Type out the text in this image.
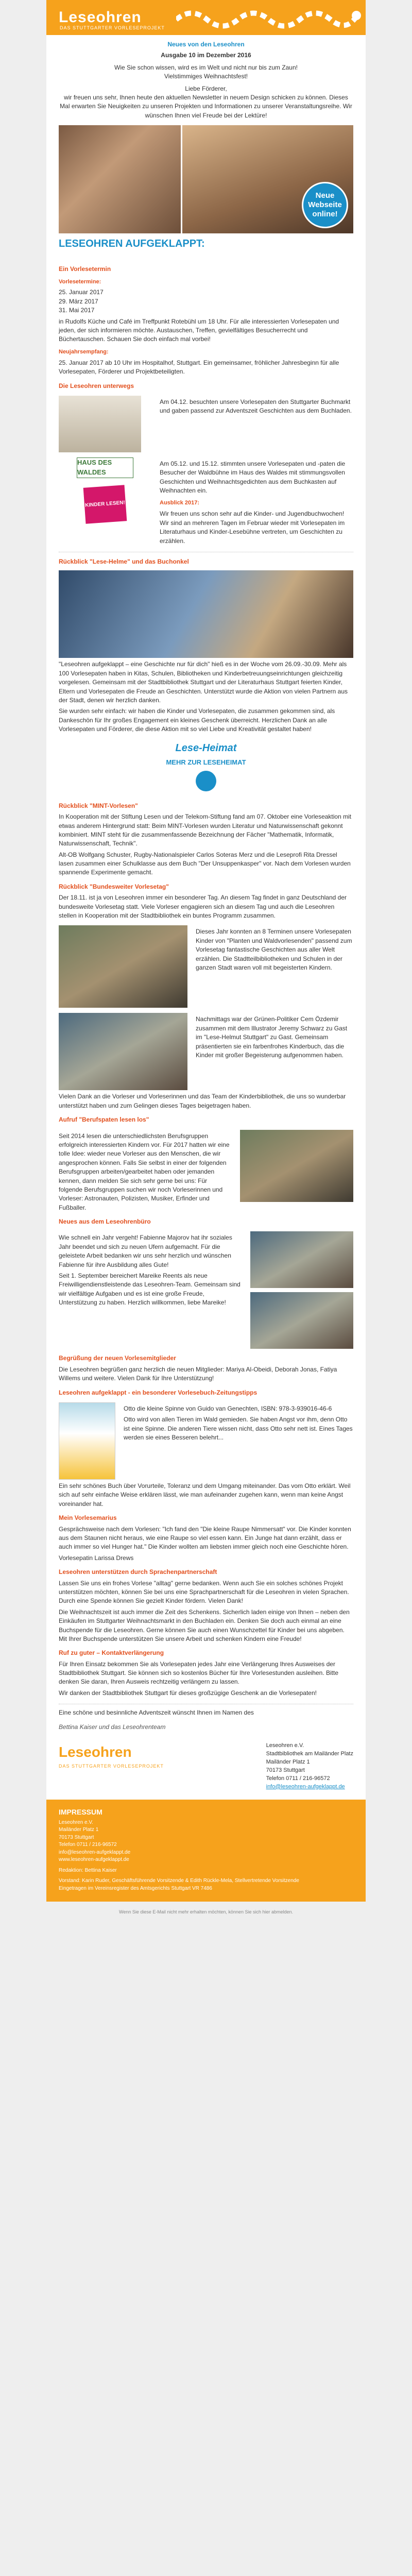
Leseohren
DAS STUTTGARTER VORLESEPROJEKT
Neues von den Leseohren
Ausgabe 10 im Dezember 2016

Wie Sie schon wissen, wird es im Welt und nicht nur bis zum Zaun!

Vielstimmiges Weihnachtsfest!

Liebe Förderer,

wir freuen uns sehr, Ihnen heute den aktuellen Newsletter in neuem Design schicken zu können. Dieses Mal erwarten Sie Neuigkeiten zu unseren Projekten und Informationen zu unserer Veranstaltungsreihe. Wir wünschen Ihnen viel Freude bei der Lektüre!

Neue Webseite online!
LESEOHREN AUFGEKLAPPT:
Ein Vorlesetermin
Vorlesetermine:

25. Januar 2017
29. März 2017
31. Mai 2017

in Rudolfs Küche und Café im Treffpunkt Rotebühl um 18 Uhr. Für alle interessierten Vorlesepaten und jeden, der sich informieren möchte. Austauschen, Treffen, gevielfältiges Besucherrecht und Büchertauschen. Schauen Sie doch einfach mal vorbei!

Neujahrsempfang:

25. Januar 2017 ab 10 Uhr im Hospitalhof, Stuttgart. Ein gemeinsamer, fröhlicher Jahresbeginn für alle Vorlesepaten, Förderer und Projektbeteiligten.

Die Leseohren unterwegs

Am 04.12. besuchten unsere Vorlesepaten den Stuttgarter Buchmarkt und gaben passend zur Adventszeit Geschichten aus dem Buchladen.

HAUS DES WALDES
KINDER LESEN!

Am 05.12. und 15.12. stimmten unsere Vorlesepaten und -paten die Besucher der Waldbühne im Haus des Waldes mit stimmungsvollen Geschichten und Weihnachtsgedichten aus dem Buchkasten auf Weihnachten ein.

Ausblick 2017:

Wir freuen uns schon sehr auf die Kinder- und Jugendbuchwochen! Wir sind an mehreren Tagen im Februar wieder mit Vorlesepaten im Literaturhaus und Kinder-Lesebühne vertreten, um Geschichten zu erzählen.

Rückblick "Lese-Helme" und das Buchonkel

"Leseohren aufgeklappt – eine Geschichte nur für dich" hieß es in der Woche vom 26.09.-30.09. Mehr als 100 Vorlesepaten haben in Kitas, Schulen, Bibliotheken und Kinderbetreuungseinrichtungen gleichzeitig vorgelesen. Gemeinsam mit der Stadtbibliothek Stuttgart und der Literaturhaus Stuttgart feierten Kinder, Eltern und Vorlesepaten die Freude an Geschichten. Unterstützt wurde die Aktion von vielen Partnern aus der Stadt, denen wir herzlich danken.

Sie wurden sehr einfach: wir haben die Kinder und Vorlesepaten, die zusammen gekommen sind, als Dankeschön für Ihr großes Engagement ein kleines Geschenk überreicht. Herzlichen Dank an alle Vorlesepaten und Förderer, die diese Aktion mit so viel Liebe und Kreativität gestaltet haben!

Lese-Heimat
MEHR ZUR LESEHEIMAT
Rückblick "MINT-Vorlesen"

In Kooperation mit der Stiftung Lesen und der Telekom-Stiftung fand am 07. Oktober eine Vorleseaktion mit etwas anderem Hintergrund statt: Beim MINT-Vorlesen wurden Literatur und Naturwissenschaft gekonnt kombiniert. MINT steht für die zusammenfassende Bezeichnung der Fächer "Mathematik, Informatik, Naturwissenschaft, Technik".

Alt-OB Wolfgang Schuster, Rugby-Nationalspieler Carlos Soteras Merz und die Leseprofi Rita Dressel lasen zusammen einer Schulklasse aus dem Buch "Der Unsuppenkasper" vor. Nach dem Vorlesen wurden spannende Experimente gemacht.

Rückblick "Bundesweiter Vorlesetag"

Der 18.11. ist ja von Leseohren immer ein besonderer Tag. An diesem Tag findet in ganz Deutschland der bundesweite Vorlesetag statt. Viele Vorleser engagieren sich an diesem Tag und auch die Leseohren stellen in Kooperation mit der Stadtbibliothek ein buntes Programm zusammen.

Dieses Jahr konnten an 8 Terminen unsere Vorlesepaten Kinder von "Planten und Waldvorlesenden" passend zum Vorlesetag fantastische Geschichten aus aller Welt erzählen. Die Stadtteilbibliotheken und Schulen in der ganzen Stadt waren voll mit begeisterten Kindern.

Nachmittags war der Grünen-Politiker Cem Özdemir zusammen mit dem Illustrator Jeremy Schwarz zu Gast im "Lese-Helmut Stuttgart" zu Gast. Gemeinsam präsentierten sie ein farbenfrohes Kinderbuch, das die Kinder mit großer Begeisterung aufgenommen haben.

Vielen Dank an die Vorleser und Vorleserinnen und das Team der Kinderbibliothek, die uns so wunderbar unterstützt haben und zum Gelingen dieses Tages beigetragen haben.

Aufruf "Berufspaten lesen los"

Seit 2014 lesen die unterschiedlichsten Berufsgruppen erfolgreich interessierten Kindern vor. Für 2017 hatten wir eine tolle Idee: wieder neue Vorleser aus den Menschen, die wir angesprochen können. Falls Sie selbst in einer der folgenden Berufsgruppen arbeiten/gearbeitet haben oder jemanden kennen, dann melden Sie sich sehr gerne bei uns: Für folgende Berufsgruppen suchen wir noch Vorleserinnen und Vorleser: Astronauten, Polizisten, Musiker, Erfinder und Fußballer.

Neues aus dem Leseohrenbüro

Wie schnell ein Jahr vergeht! Fabienne Majorov hat ihr soziales Jahr beendet und sich zu neuen Ufern aufgemacht. Für die geleistete Arbeit bedanken wir uns sehr herzlich und wünschen Fabienne für ihre Ausbildung alles Gute!

Seit 1. September bereichert Mareike Reents als neue Freiwilligendienstleistende das Leseohren-Team. Gemeinsam sind wir vielfältige Aufgaben und es ist eine große Freude, Unterstützung zu haben. Herzlich willkommen, liebe Mareike!

Begrüßung der neuen Vorlesemitglieder

Die Leseohren begrüßen ganz herzlich die neuen Mitglieder: Mariya Al-Obeidi, Deborah Jonas, Fatiya Willems und weitere. Vielen Dank für Ihre Unterstützung!

Leseohren aufgeklappt - ein besonderer Vorlesebuch-Zeitungstipps

Otto die kleine Spinne von Guido van Genechten, ISBN: 978-3-939016-46-6

Otto wird von allen Tieren im Wald gemieden. Sie haben Angst vor ihm, denn Otto ist eine Spinne. Die anderen Tiere wissen nicht, dass Otto sehr nett ist. Eines Tages werden sie eines Besseren belehrt...

Ein sehr schönes Buch über Vorurteile, Toleranz und dem Umgang miteinander. Das vom Otto erklärt. Weil sich auf sehr einfache Weise erklären lässt, wie man aufeinander zugehen kann, wenn man keine Angst voreinander hat.

Mein Vorlesemarius

Gesprächsweise nach dem Vorlesen: "Ich fand den "Die kleine Raupe Nimmersatt" vor. Die Kinder konnten aus dem Staunen nicht heraus, wie eine Raupe so viel essen kann. Ein Junge hat dann erzählt, dass er auch immer so viel Hunger hat." Die Kinder wollten am liebsten immer gleich noch eine Geschichte hören.

Vorlesepatin Larissa Drews

Leseohren unterstützen durch Sprachenpartnerschaft

Lassen Sie uns ein frohes Vorlese "alltag" gerne bedanken. Wenn auch Sie ein solches schönes Projekt unterstützen möchten, können Sie bei uns eine Sprachpartnerschaft für die Leseohren in vielen Sprachen. Durch eine Spende können Sie gezielt Kinder fördern. Vielen Dank!

Die Weihnachtszeit ist auch immer die Zeit des Schenkens. Sicherlich laden einige von Ihnen – neben den Einkäufen im Stuttgarter Weihnachtsmarkt in den Buchladen ein. Denken Sie doch auch einmal an eine Buchspende für die Leseohren. Gerne können Sie auch einen Wunschzettel für Kinder bei uns abgeben. Mit Ihrer Buchspende unterstützen Sie unsere Arbeit und schenken Kindern eine Freude!

Ruf zu guter – Kontaktverlängerung

Für Ihren Einsatz bekommen Sie als Vorlesepaten jedes Jahr eine Verlängerung Ihres Ausweises der Stadtbibliothek Stuttgart. Sie können sich so kostenlos Bücher für Ihre Vorlesestunden ausleihen. Bitte denken Sie daran, Ihren Ausweis rechtzeitig verlängern zu lassen.

Wir danken der Stadtbibliothek Stuttgart für dieses großzügige Geschenk an die Vorlesepaten!

Eine schöne und besinnliche Adventszeit wünscht Ihnen im Namen des

Bettina Kaiser und das Leseohrenteam
Leseohren
DAS STUTTGARTER VORLESEPROJEKT
Leseohren e.V.
Stadtbibliothek am Mailänder Platz
Mailänder Platz 1
70173 Stuttgart
Telefon 0711 / 216-96572
info@leseohren-aufgeklappt.de
IMPRESSUM
Leseohren e.V.
Mailänder Platz 1
70173 Stuttgart
Telefon 0711 / 216-96572
info@leseohren-aufgeklappt.de
www.leseohren-aufgeklappt.de
Redaktion: Bettina Kaiser
Vorstand: Karin Ruder, Geschäftsführende Vorsitzende & Edith Rückle-Mela, Stellvertretende Vorsitzende
Eingetragen im Vereinsregister des Amtsgerichts Stuttgart VR 7486
Wenn Sie diese E-Mail nicht mehr erhalten möchten, können Sie sich hier abmelden.
